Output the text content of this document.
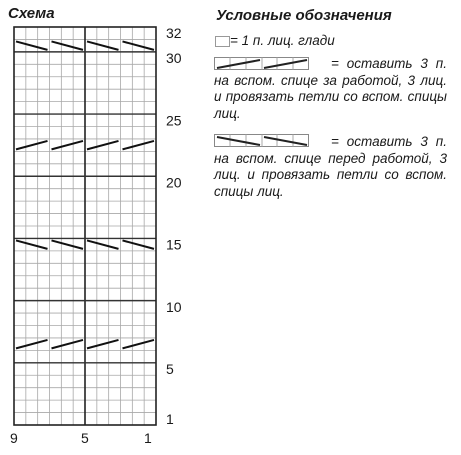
1
5
10
15
20
25
30
32
9	5	1
Схема	Условные обозначения
= 1 п. лиц. глади
= оставить 3 п. на вспом. спице за работой, 3 лиц. и провязать петли со вспом. спицы лиц.
= оставить 3 п. на вспом. спице перед работой, 3 лиц. и провязать петли со вспом. спицы лиц.
